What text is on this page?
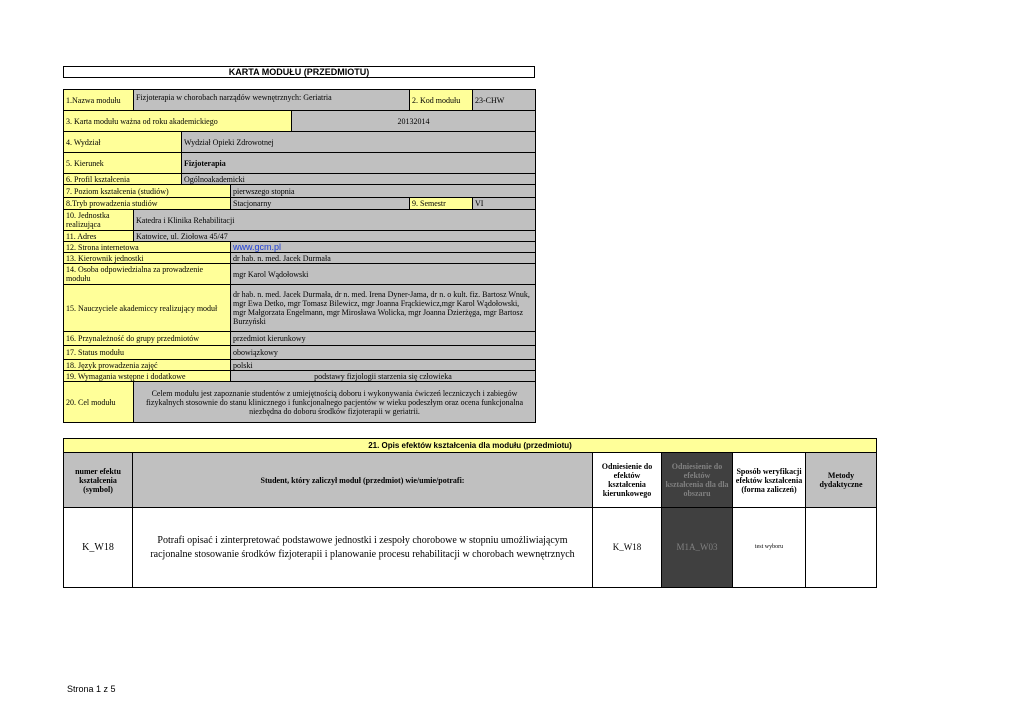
KARTA MODUŁU (PRZEDMIOTU)
1.Nazwa modułu	Fizjoterapia w chorobach narządów wewnętrznych: Geriatria				2. Kod modułu	23-CHW
3. Karta modułu ważna od roku akademickiego				20132014		
4. Wydział		Wydział Opieki Zdrowotnej				
5. Kierunek		Fizjoterapia				
6. Profil kształcenia		Ogólnoakademicki				
7. Poziom kształcenia (studiów)			pierwszego stopnia			
8.Tryb prowadzenia studiów			Stacjonarny		9. Semestr	VI
10. Jednostka realizująca	Katedra i Klinika Rehabilitacji					
11. Adres	Katowice, ul. Ziołowa 45/47					
12. Strona internetowa			www.gcm.pl			
13. Kierownik jednostki			dr hab. n. med. Jacek Durmała			
14. Osoba odpowiedzialna za prowadzenie modułu			mgr Karol Wądołowski			
15. Nauczyciele akademiccy realizujący moduł			dr hab. n. med. Jacek Durmała, dr n. med. Irena Dyner-Jama, dr n. o kult. fiz. Bartosz Wnuk, mgr Ewa Detko, mgr Tomasz Bilewicz, mgr Joanna Frąckiewicz,mgr Karol Wądołowski, mgr Małgorzata Engelmann, mgr Mirosława Wolicka, mgr Joanna Dzierżęga, mgr Bartosz Burzyński			
16. Przynależność do grupy przedmiotów			przedmiot kierunkowy			
17. Status modułu			obowiązkowy			
18. Język prowadzenia zajęć			polski			
19. Wymagania wstępne i dodatkowe			podstawy fizjologii starzenia się człowieka			
20. Cel modułu	Celem modułu jest zapoznanie studentów z umiejętnością doboru i wykonywania ćwiczeń leczniczych i zabiegów fizykalnych stosownie do stanu klinicznego i funkcjonalnego pacjentów w wieku podeszłym oraz ocena funkcjonalna niezbędna do doboru środków fizjoterapii w geriatrii.					
21. Opis efektów kształcenia dla modułu (przedmiotu)					
numer efektu kształcenia (symbol)	Student, który zaliczył moduł (przedmiot) wie/umie/potrafi:	Odniesienie do efektów kształcenia kierunkowego	Odniesienie do efektów kształcenia dla dla obszaru	Sposób weryfikacji efektów kształcenia (forma zaliczeń)	Metody dydaktyczne
K_W18	Potrafi opisać i zinterpretować podstawowe jednostki i zespoły chorobowe w stopniu umożliwiającym racjonalne stosowanie środków fizjoterapii i planowanie procesu rehabilitacji w chorobach wewnętrznych	K_W18	M1A_W03	test wyboru	
Strona 1 z 5
